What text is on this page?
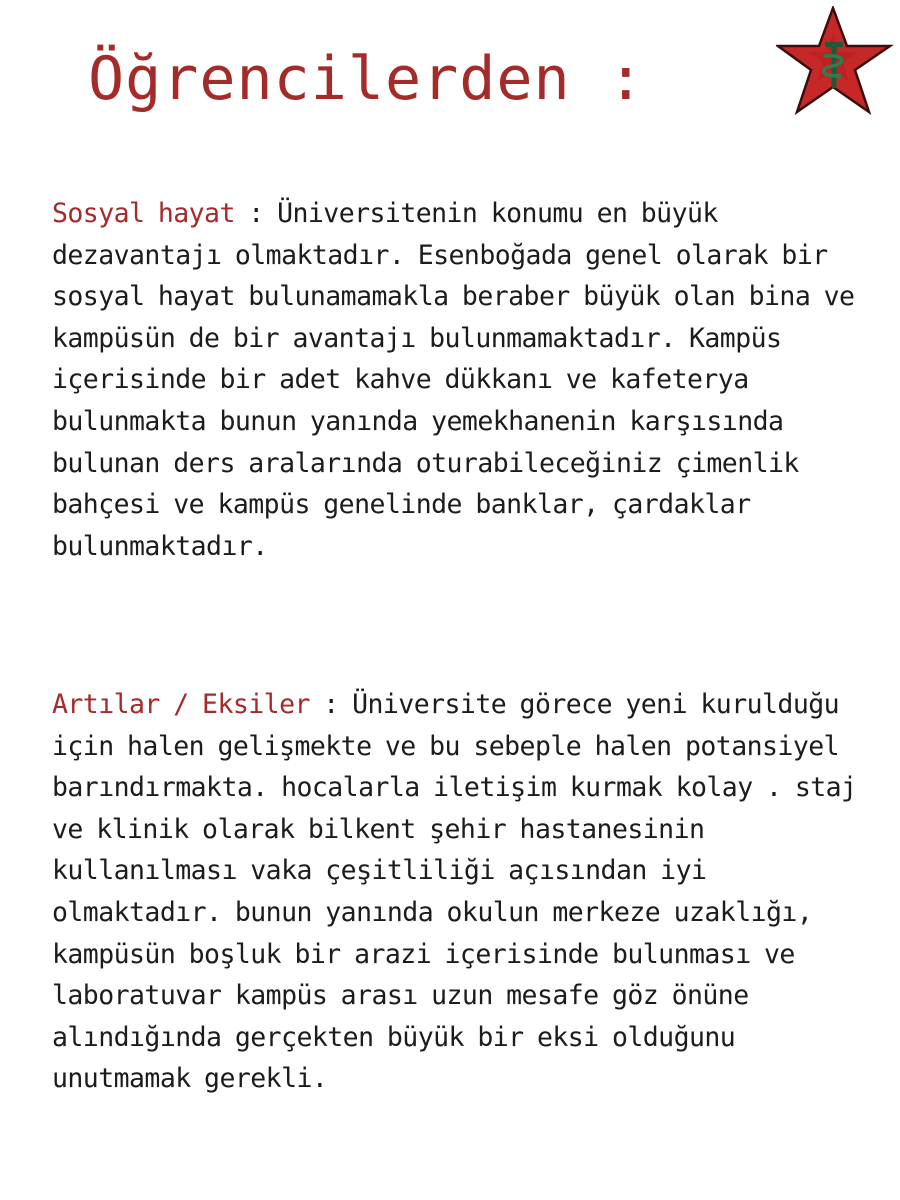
Öğrencilerden :

Sosyal hayat : Üniversitenin konumu en büyük dezavantajı olmaktadır. Esenboğada genel olarak bir sosyal hayat bulunamamakla beraber büyük olan bina ve kampüsün de bir avantajı bulunmamaktadır. Kampüs içerisinde bir adet kahve dükkanı ve kafeterya bulunmakta bunun yanında yemekhanenin karşısında bulunan ders aralarında oturabileceğiniz çimenlik bahçesi ve kampüs genelinde banklar, çardaklar bulunmaktadır.

Artılar / Eksiler : Üniversite görece yeni kurulduğu için halen gelişmekte ve bu sebeple halen potansiyel barındırmakta. hocalarla iletişim kurmak kolay . staj ve klinik olarak bilkent şehir hastanesinin kullanılması vaka çeşitliliği açısından iyi olmaktadır. bunun yanında okulun merkeze uzaklığı, kampüsün boşluk bir arazi içerisinde bulunması ve laboratuvar kampüs arası uzun mesafe göz önüne alındığında gerçekten büyük bir eksi olduğunu unutmamak gerekli.
